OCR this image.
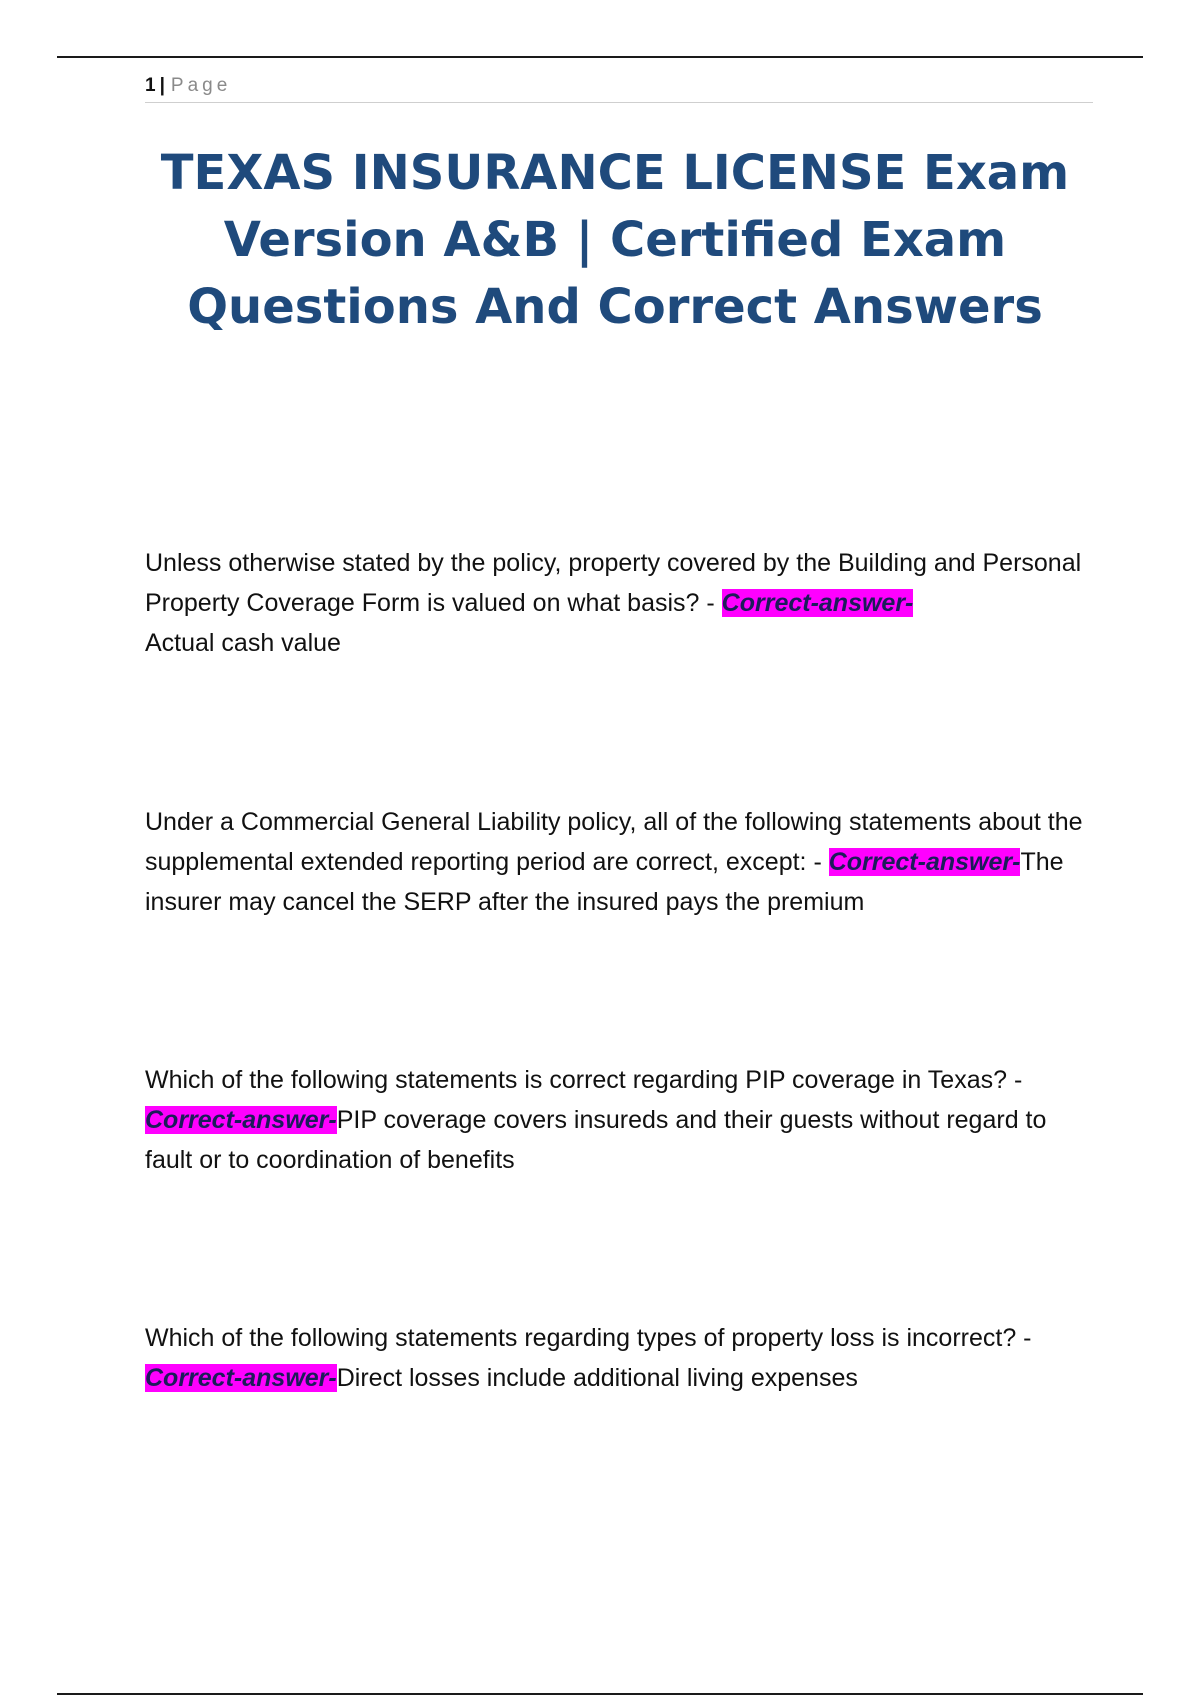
1 | Page
TEXAS INSURANCE LICENSE Exam Version A&B | Certified Exam Questions And Correct Answers

Unless otherwise stated by the policy, property covered by the Building and Personal Property Coverage Form is valued on what basis? - Correct-answer-
Actual cash value

Under a Commercial General Liability policy, all of the following statements about the supplemental extended reporting period are correct, except: - Correct-answer-The insurer may cancel the SERP after the insured pays the premium

Which of the following statements is correct regarding PIP coverage in Texas? - Correct-answer-PIP coverage covers insureds and their guests without regard to fault or to coordination of benefits

Which of the following statements regarding types of property loss is incorrect? - Correct-answer-Direct losses include additional living expenses
